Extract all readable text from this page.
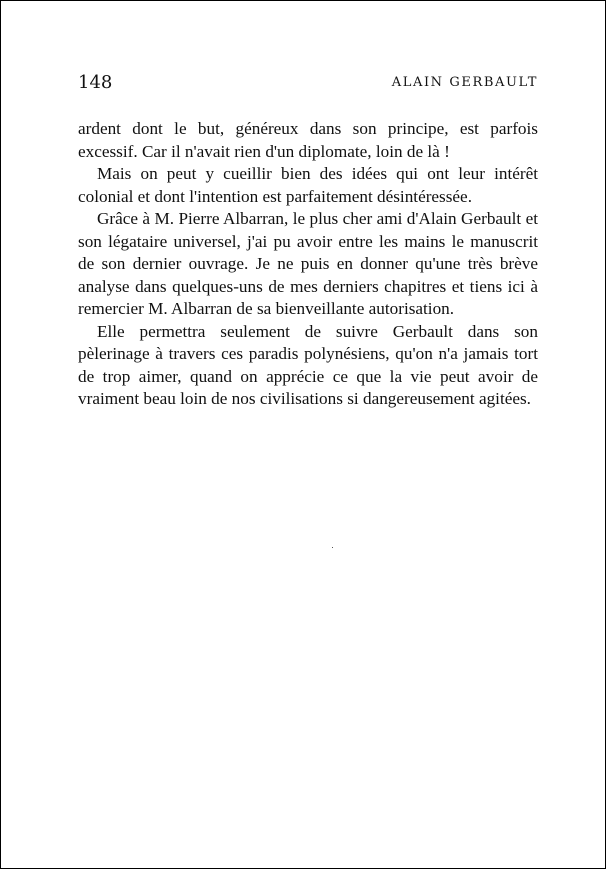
148	ALAIN GERBAULT

ardent dont le but, généreux dans son principe, est parfois excessif. Car il n'avait rien d'un diplomate, loin de là !

Mais on peut y cueillir bien des idées qui ont leur intérêt colonial et dont l'intention est parfaitement désintéressée.

Grâce à M. Pierre Albarran, le plus cher ami d'Alain Gerbault et son légataire universel, j'ai pu avoir entre les mains le manuscrit de son dernier ouvrage. Je ne puis en donner qu'une très brève analyse dans quelques-uns de mes derniers chapitres et tiens ici à remercier M. Albarran de sa bienveillante autorisation.

Elle permettra seulement de suivre Gerbault dans son pèlerinage à travers ces paradis polynésiens, qu'on n'a jamais tort de trop aimer, quand on apprécie ce que la vie peut avoir de vraiment beau loin de nos civilisations si dangereusement agitées.
